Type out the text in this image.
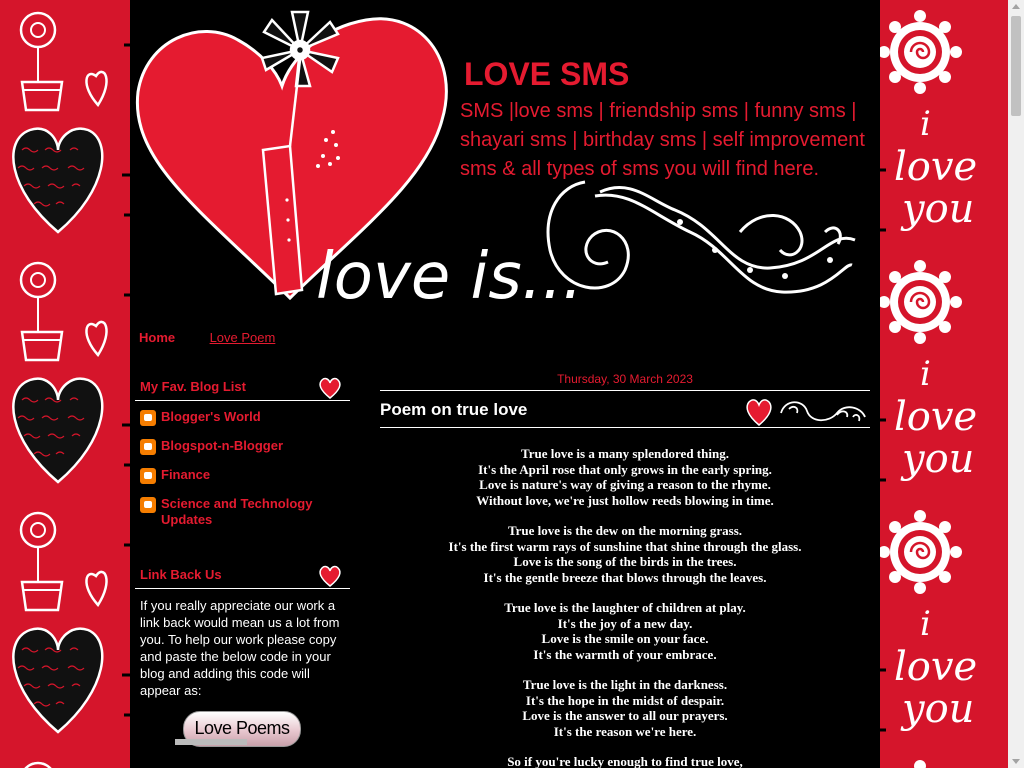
i
love
you
love is...
LOVE SMS

SMS |love sms | friendship sms | funny sms | shayari sms | birthday sms | self improvement sms & all types of sms you will find here.

Home	Love Poem
My Fav. Blog List
Blogger's World
Blogspot-n-Blogger
Finance
Science and Technology Updates
Link Back Us

If you really appreciate our work a link back would mean us a lot from you. To help our work please copy and paste the below code in your blog and adding this code will appear as:

Love Poems
Thursday, 30 March 2023
Poem on true love
True love is a many splendored thing.
It's the April rose that only grows in the early spring.
Love is nature's way of giving a reason to the rhyme.
Without love, we're just hollow reeds blowing in time.
True love is the dew on the morning grass.
It's the first warm rays of sunshine that shine through the glass.
Love is the song of the birds in the trees.
It's the gentle breeze that blows through the leaves.
True love is the laughter of children at play.
It's the joy of a new day.
Love is the smile on your face.
It's the warmth of your embrace.
True love is the light in the darkness.
It's the hope in the midst of despair.
Love is the answer to all our prayers.
It's the reason we're here.
So if you're lucky enough to find true love,
